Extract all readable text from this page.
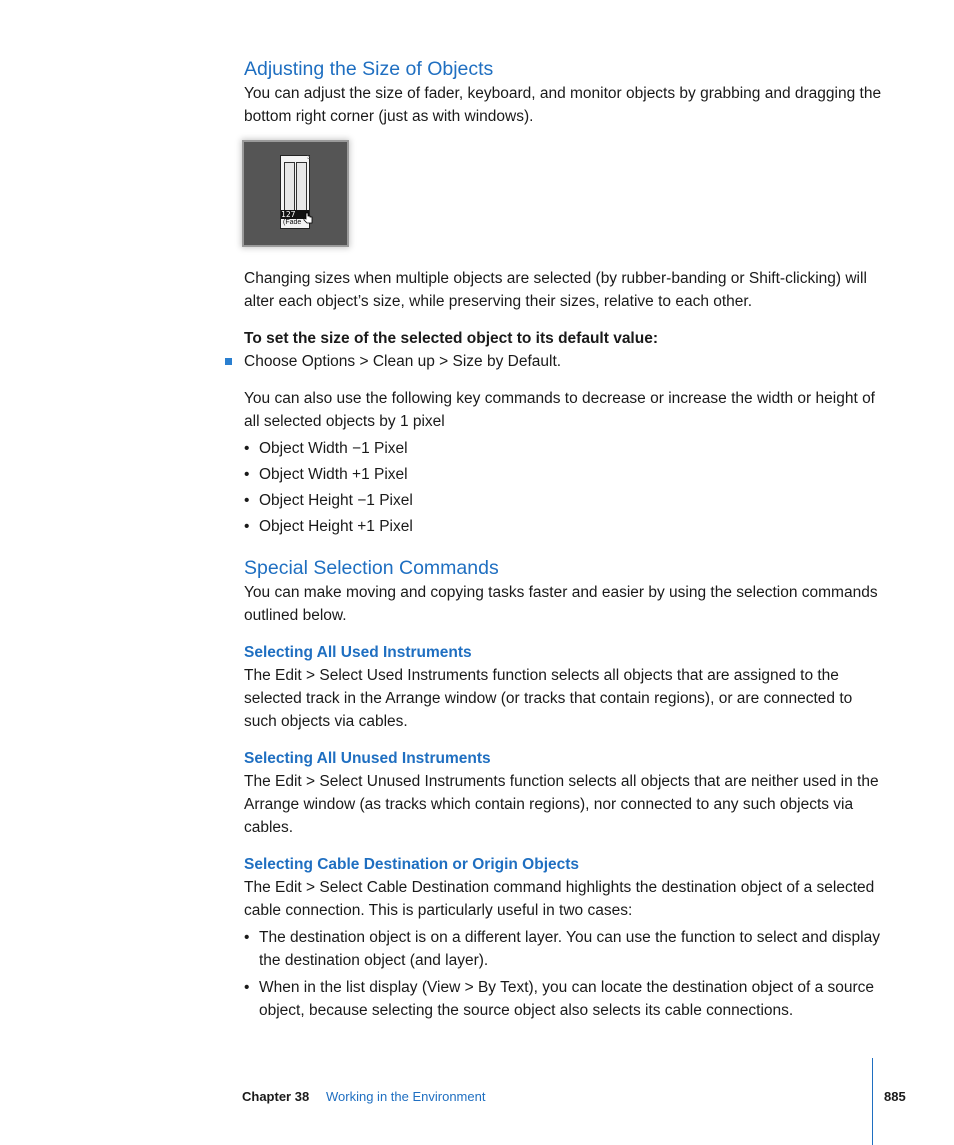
Adjusting the Size of Objects

You can adjust the size of fader, keyboard, and monitor objects by grabbing and dragging the bottom right corner (just as with windows).

S
127
(Fade

Changing sizes when multiple objects are selected (by rubber-banding or Shift-clicking) will alter each object’s size, while preserving their sizes, relative to each other.

To set the size of the selected object to its default value:

Choose Options > Clean up > Size by Default.

You can also use the following key commands to decrease or increase the width or height of all selected objects by 1 pixel

• Object Width −1 Pixel
• Object Width +1 Pixel
• Object Height −1 Pixel
• Object Height +1 Pixel
Special Selection Commands

You can make moving and copying tasks faster and easier by using the selection commands outlined below.

Selecting All Used Instruments

The Edit > Select Used Instruments function selects all objects that are assigned to the selected track in the Arrange window (or tracks that contain regions), or are connected to such objects via cables.

Selecting All Unused Instruments

The Edit > Select Unused Instruments function selects all objects that are neither used in the Arrange window (as tracks which contain regions), nor connected to any such objects via cables.

Selecting Cable Destination or Origin Objects

The Edit > Select Cable Destination command highlights the destination object of a selected cable connection. This is particularly useful in two cases:

• The destination object is on a different layer. You can use the function to select and display the destination object (and layer).
• When in the list display (View > By Text), you can locate the destination object of a source object, because selecting the source object also selects its cable connections.
Chapter 38 Working in the Environment	885
